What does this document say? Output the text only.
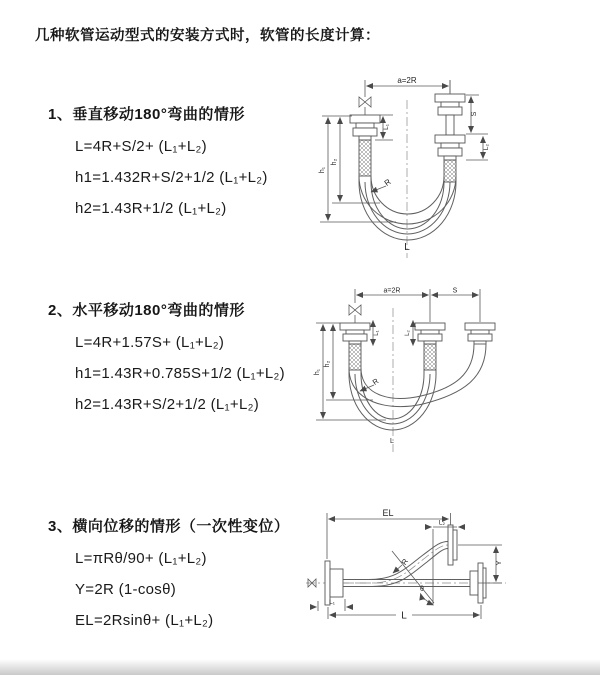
几种软管运动型式的安装方式时，软管的长度计算：
1、垂直移动180°弯曲的情形
L=4R+S/2+ (L₁+L₂)
h1=1.432R+S/2+1/2 (L₁+L₂)
h2=1.43R+1/2 (L₁+L₂)
a=2R
h₁
h₂
L₁
S
L₂
R
L
2、水平移动180°弯曲的情形
L=4R+1.57S+ (L₁+L₂)
h1=1.43R+0.785S+1/2 (L₁+L₂)
h2=1.43R+S/2+1/2 (L₁+L₂)
a=2R	S
h₁
h₂
L₁	L₂
R
L
3、横向位移的情形（一次性变位）
L=πRθ/90+ (L₁+L₂)
Y=2R (1-cosθ)
EL=2Rsinθ+ (L₁+L₂)
θ
R
EL
L₂
Y
L₁
L
